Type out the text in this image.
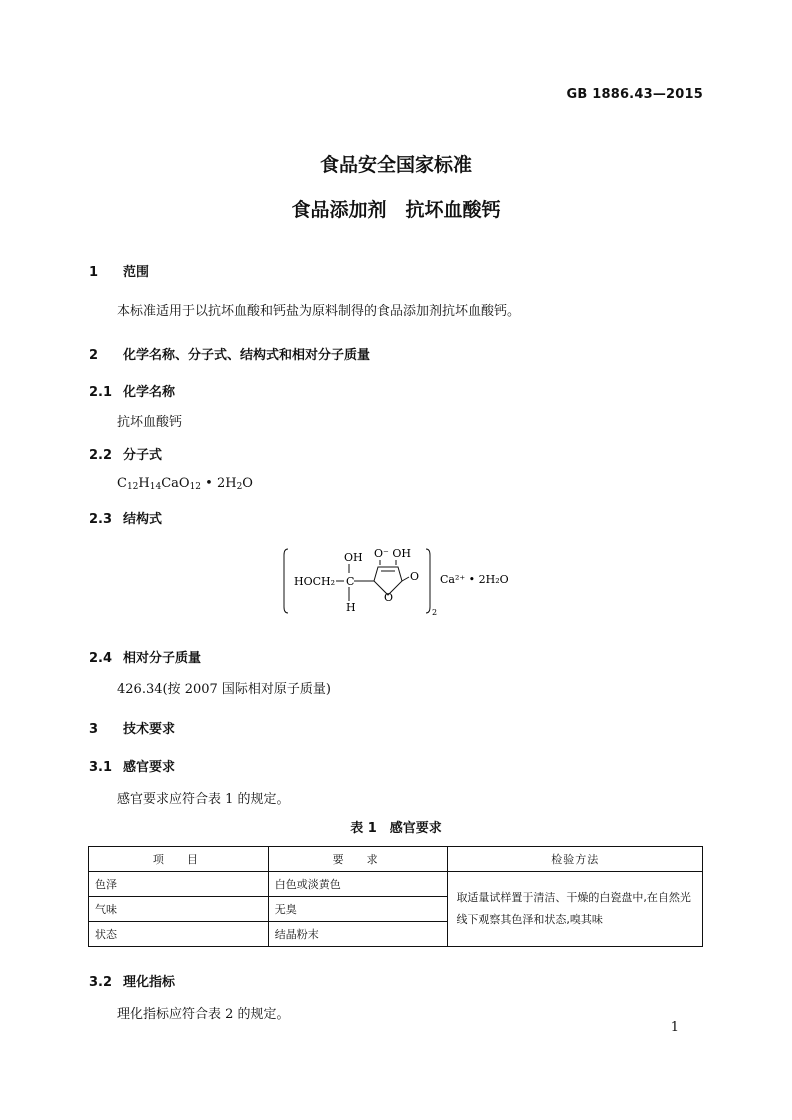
GB 1886.43—2015
食品安全国家标准
食品添加剂　抗坏血酸钙
1 范围
本标准适用于以抗坏血酸和钙盐为原料制得的食品添加剂抗坏血酸钙。
2 化学名称、分子式、结构式和相对分子质量
2.1 化学名称
抗坏血酸钙
2.2 分子式
$C_{12}H_{14}CaO_{12}$ • $2H_2O$
2.3 结构式
OH O⁻ OH
HOCH₂ C
H
O
O Ca²⁺ • 2H₂O
2
2.4 相对分子质量
426.34(按 2007 国际相对原子质量)
3 技术要求
3.1 感官要求
感官要求应符合表 1 的规定。
表 1　感官要求
项　目	要　求	检验方法
色泽	白色或淡黄色	取适量试样置于清洁、干燥的白瓷盘中,在自然光线下观察其色泽和状态,嗅其味
气味	无臭	
状态	结晶粉末	
3.2 理化指标
理化指标应符合表 2 的规定。
1
